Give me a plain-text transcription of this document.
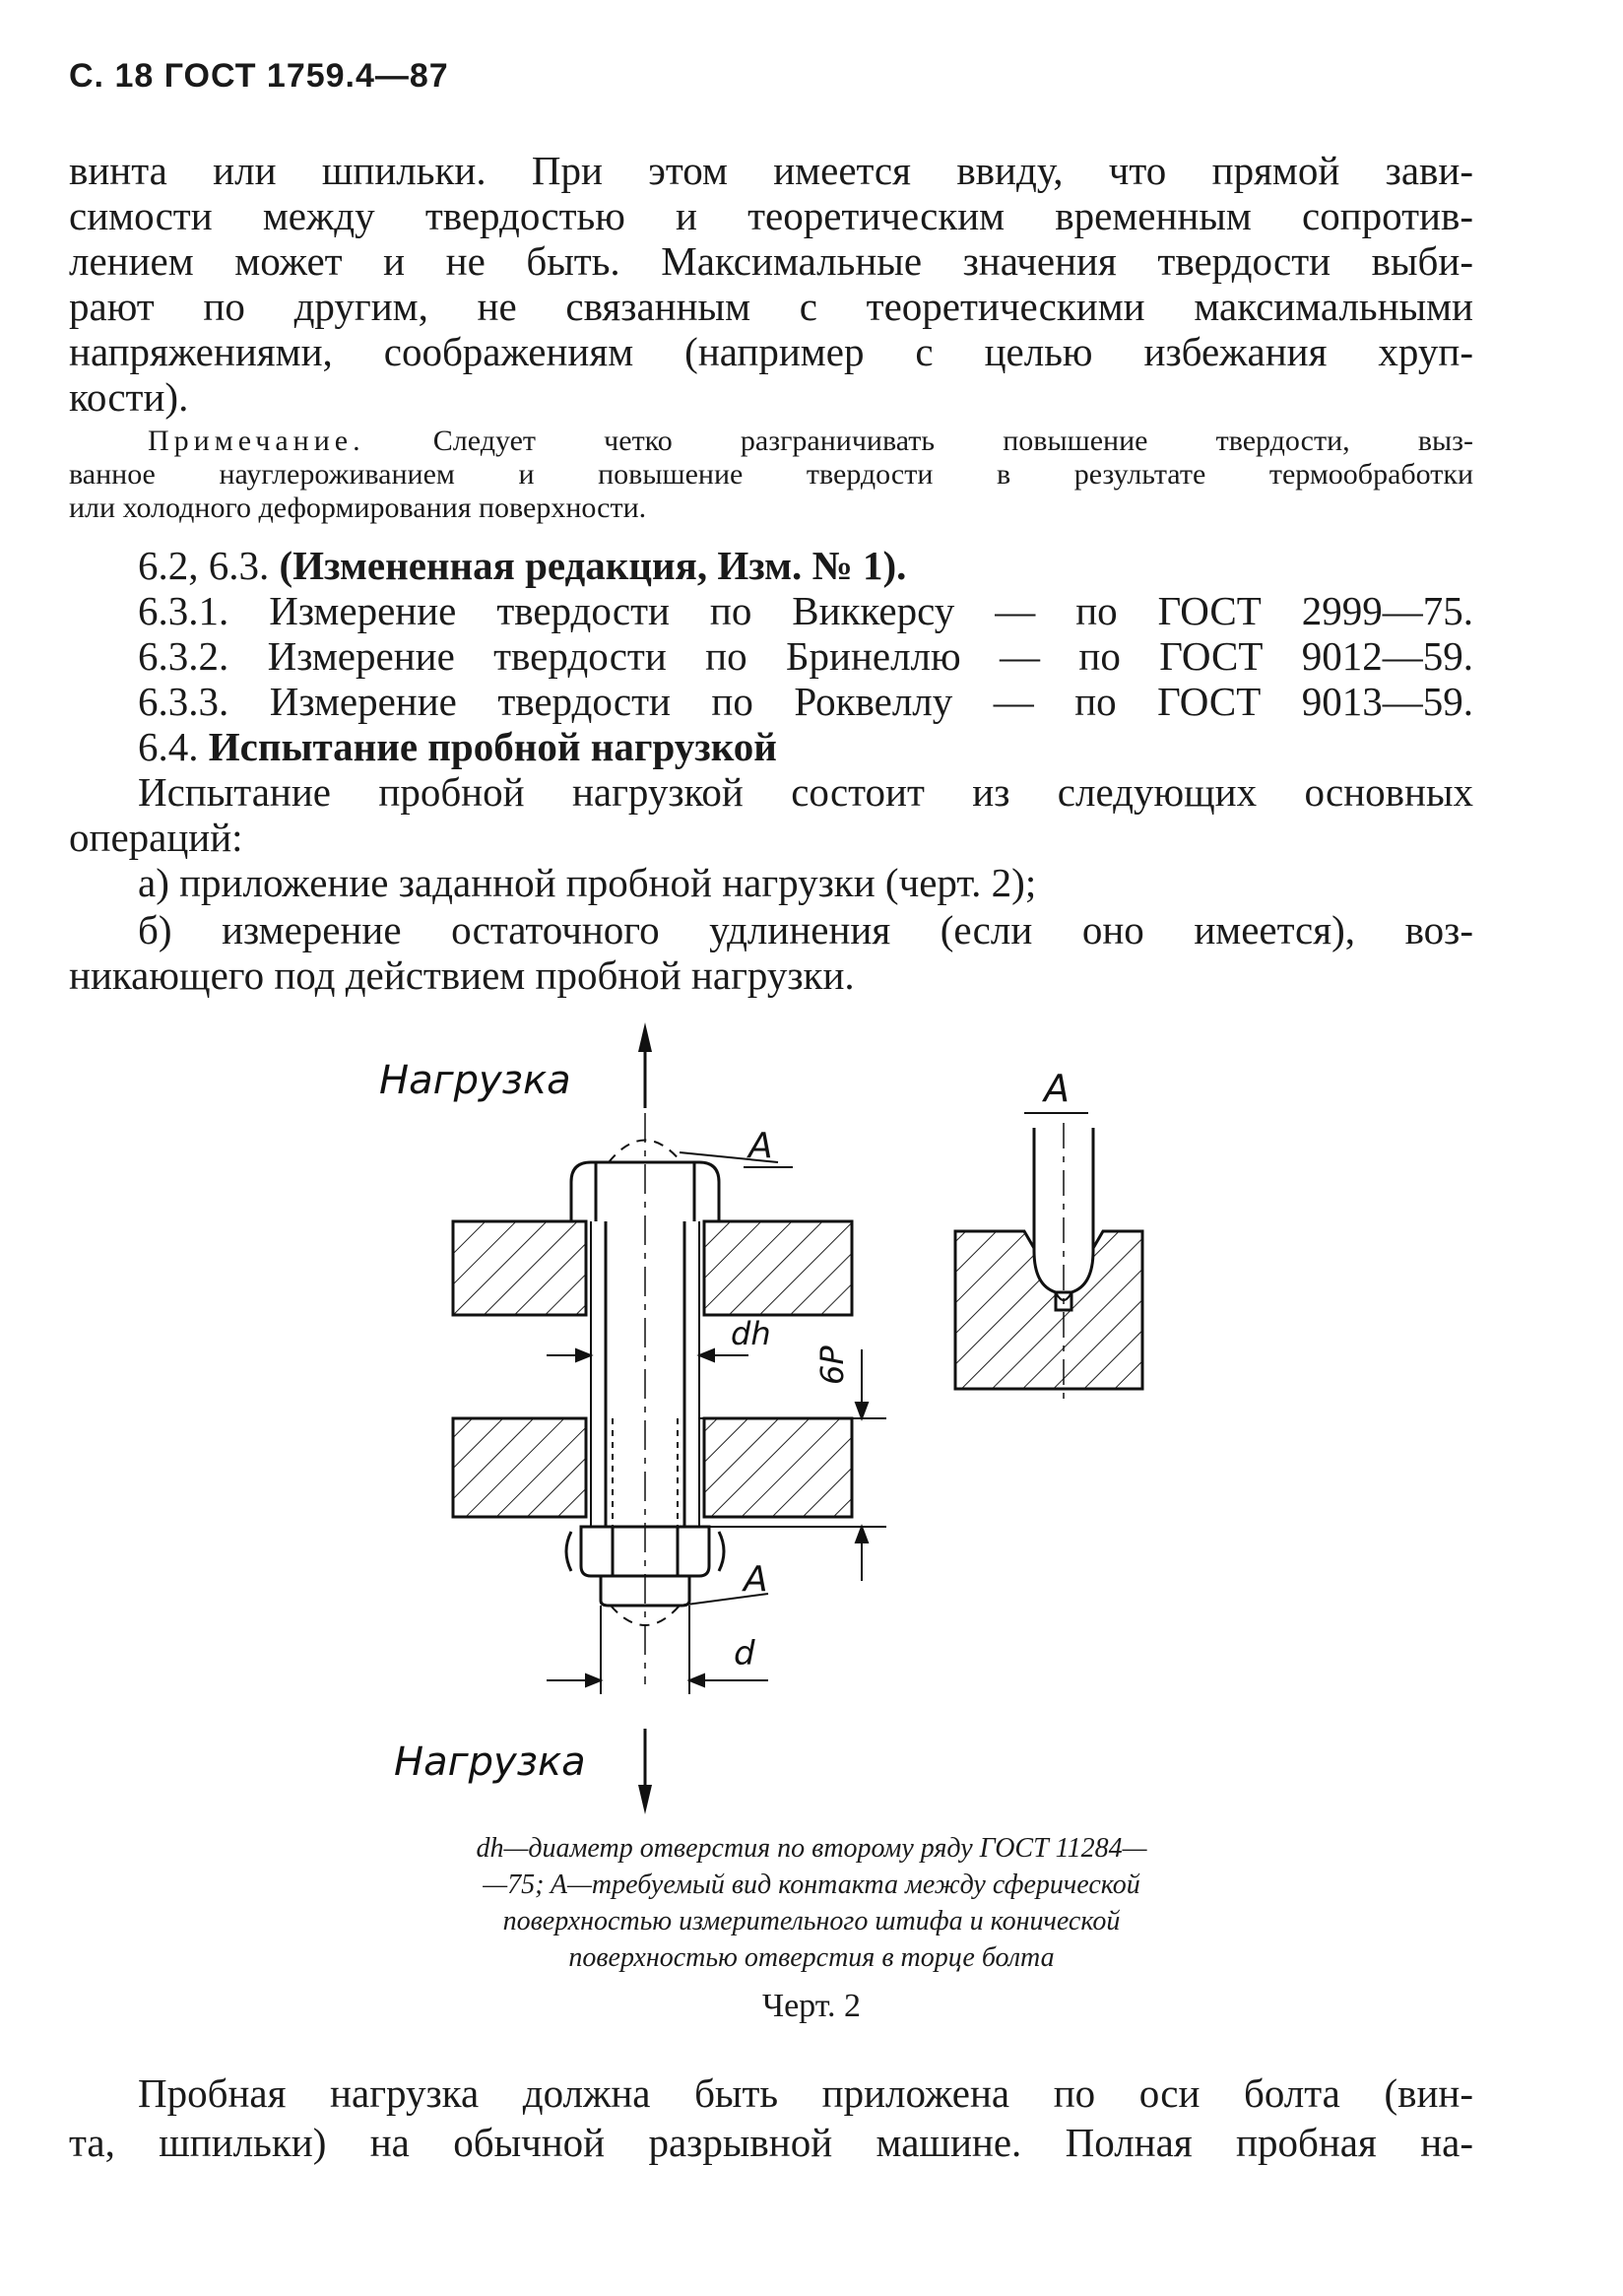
С. 18 ГОСТ 1759.4—87
винта или шпильки. При этом имеется ввиду, что прямой зави-
симости между твердостью и теоретическим временным сопротив-
лением может и не быть. Максимальные значения твердости выби-
рают по другим, не связанным с теоретическими максимальными
напряжениями, соображениям (например с целью избежания хруп-
кости).
Примечание. Следует четко разграничивать повышение твердости, выз-
ванное науглероживанием и повышение твердости в результате термообработки
или холодного деформирования поверхности.
6.2, 6.3. (Измененная редакция, Изм. № 1).
6.3.1. Измерение твердости по Виккерсу — по ГОСТ 2999—75.
6.3.2. Измерение твердости по Бринеллю — по ГОСТ 9012—59.
6.3.3. Измерение твердости по Роквеллу — по ГОСТ 9013—59.
6.4. Испытание пробной нагрузкой
Испытание пробной нагрузкой состоит из следующих основных
операций:
а) приложение заданной пробной нагрузки (черт. 2);
б) измерение остаточного удлинения (если оно имеется), воз-
никающего под действием пробной нагрузки.
Нагрузка
A
dh
6P
A
d
Нагрузка
A
dh—диаметр отверстия по второму ряду ГОСТ 11284—
—75; A—требуемый вид контакта между сферической
поверхностью измерительного штифа и конической
поверхностью отверстия в торце болта
Черт. 2
Пробная нагрузка должна быть приложена по оси болта (вин-
та, шпильки) на обычной разрывной машине. Полная пробная на-
